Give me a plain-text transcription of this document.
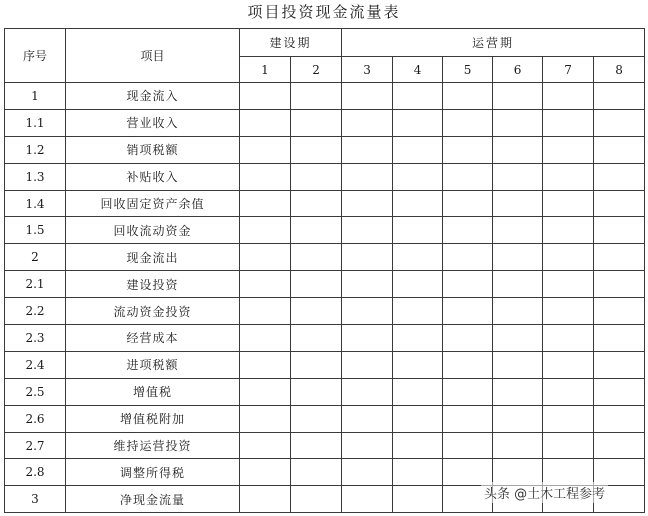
项目投资现金流量表
序号	项目	建设期		运营期					
		1	2	3	4	5	6	7	8
1	现金流入								
1.1	营业收入								
1.2	销项税额								
1.3	补贴收入								
1.4	回收固定资产余值								
1.5	回收流动资金								
2	现金流出								
2.1	建设投资								
2.2	流动资金投资								
2.3	经营成本								
2.4	进项税额								
2.5	增值税								
2.6	增值税附加								
2.7	维持运营投资								
2.8	调整所得税								
3	净现金流量									头条 @土木工程参考
